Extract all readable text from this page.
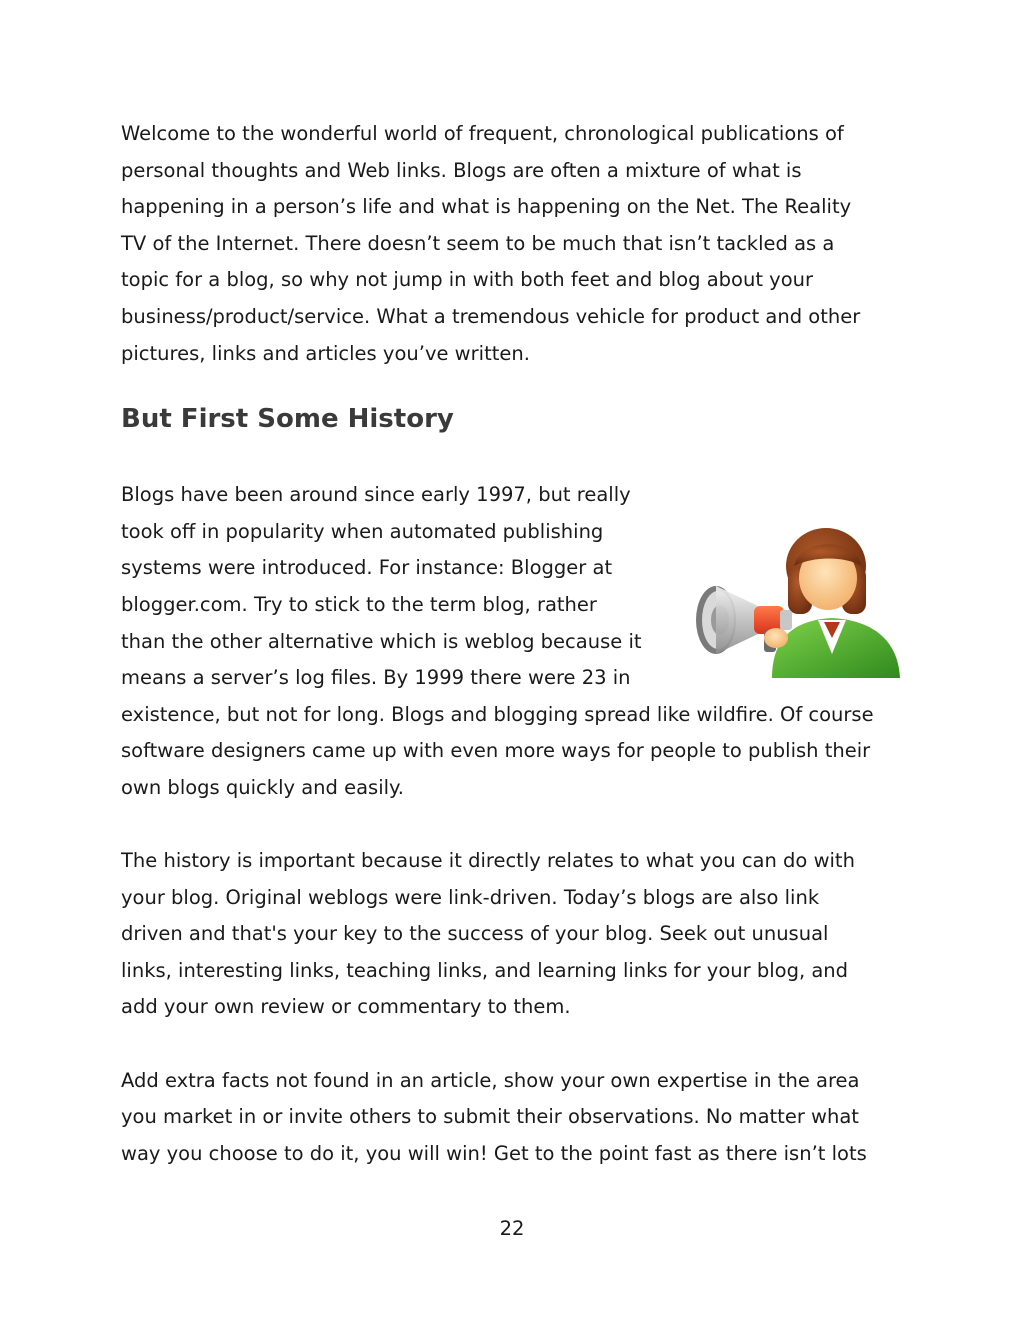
Welcome to the wonderful world of frequent, chronological publications of
personal thoughts and Web links. Blogs are often a mixture of what is
happening in a person’s life and what is happening on the Net. The Reality
TV of the Internet. There doesn’t seem to be much that isn’t tackled as a
topic for a blog, so why not jump in with both feet and blog about your
business/product/service. What a tremendous vehicle for product and other
pictures, links and articles you’ve written.
But First Some History
Blogs have been around since early 1997, but really
took off in popularity when automated publishing
systems were introduced. For instance: Blogger at
blogger.com. Try to stick to the term blog, rather
than the other alternative which is weblog because it
means a server’s log files. By 1999 there were 23 in
existence, but not for long. Blogs and blogging spread like wildfire. Of course
software designers came up with even more ways for people to publish their
own blogs quickly and easily.
The history is important because it directly relates to what you can do with
your blog. Original weblogs were link-driven. Today’s blogs are also link
driven and that's your key to the success of your blog. Seek out unusual
links, interesting links, teaching links, and learning links for your blog, and
add your own review or commentary to them.
Add extra facts not found in an article, show your own expertise in the area
you market in or invite others to submit their observations. No matter what
way you choose to do it, you will win! Get to the point fast as there isn’t lots
22
